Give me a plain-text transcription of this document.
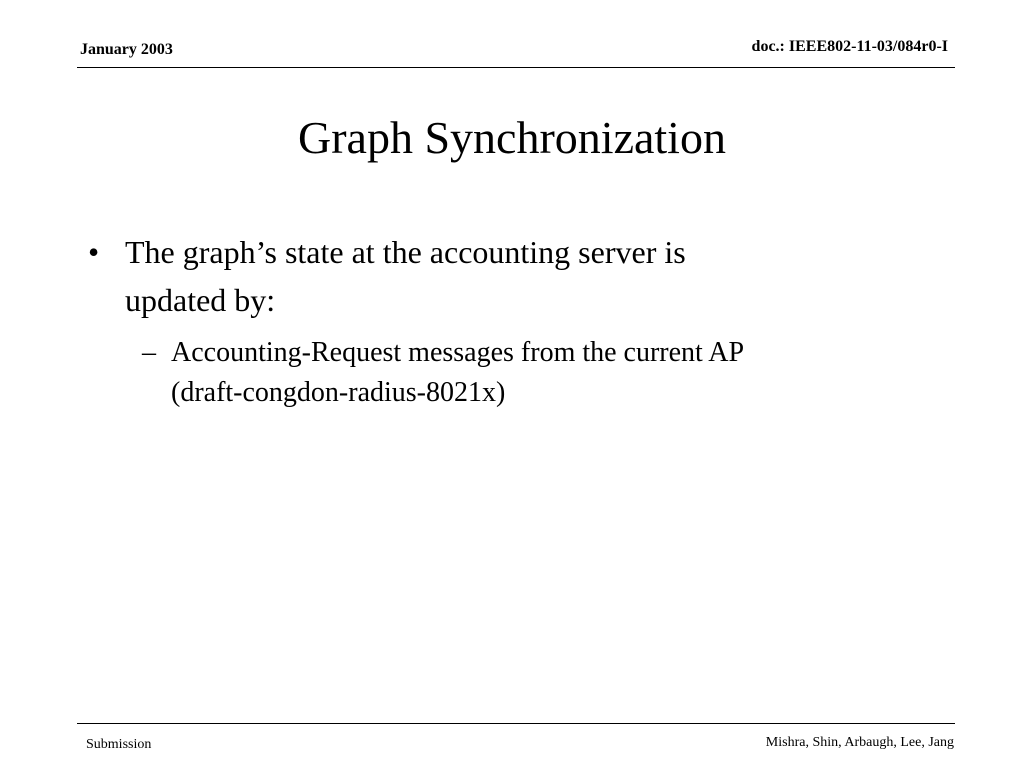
January 2003	doc.: IEEE802-11-03/084r0-I
Graph Synchronization
• The graph’s state at the accounting server is
updated by:
– Accounting-Request messages from the current AP
(draft-congdon-radius-8021x)
Submission	Mishra, Shin, Arbaugh, Lee, Jang
